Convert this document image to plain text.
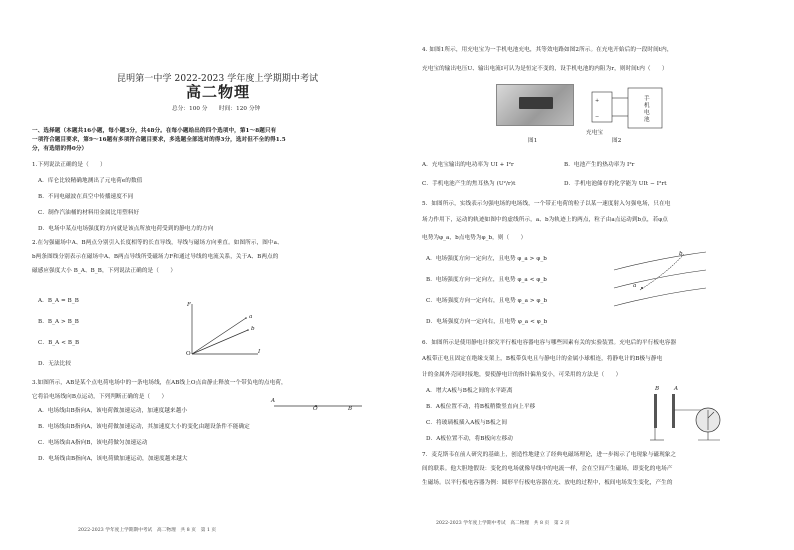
昆明第一中学 2022-2023 学年度上学期期中考试
高二物理
总分：100 分　　时间：120 分钟
一、选择题（本题共16小题，每小题3分，共48分。在每小题给出的四个选项中，第1～8题只有
一项符合题目要求，第9～16题有多项符合题目要求，多选题全部选对的得3分，选对但不全的得1.5
分，有选错的得0分）
1.下列说法正确的是（　　）
A．库仑比较精确地测出了元电荷e的数值
B．不同电磁波在真空中传播速度不同
C．制作汽油桶的材料用金属比用塑料好
D．电场中某点电场强度的方向就是该点所放电荷受到的静电力的方向
2.在匀强磁场中A、B两点分别引入长度相等的长直导线，导线与磁场方向垂直。如图所示，图中a、
b两条图线分别表示在磁场中A、B两点导线所受磁场力F和通过导线的电流关系，关于A、B两点的
磁感应强度大小 B_A、B_B，下列说法正确的是（　　）
A．B_A = B_B
B．B_A > B_B
C．B_A < B_B
D．无法比较
F
a
b
O	I
3.如图所示，AB是某个点电荷电场中的一条电场线，在AB线上O点由静止释放一个带负电的点电荷，
它将沿电场线向B点运动，下列判断正确的是（　　）
A．电场线由B指向A，该电荷做加速运动，加速度越来越小
B．电场线由B指向A，该电荷做加速运动，其加速度大小的变化由题设条件不能确定
C．电场线由A指向B，该电荷做匀加速运动
D．电场线由B指向A，该电荷做加速运动，加速度越来越大
A
O	B
2022-2023 学年度上学期期中考试　高二物理　共 8 页　第 1 页
4. 如图1所示，用充电宝为一手机电池充电，其等效电路如图2所示。在充电开始后的一段时间t内，
充电宝的输出电压U、输出电流I可认为是恒定不变的，设手机电池的内阻为r，则时间t内（　　）
图1
+
−
手机电池
充电宝
图2
A．充电宝输出的电功率为 UI + I²r	B．电池产生的热功率为 I²r
C．手机电池产生的焦耳热为 (U²/r)t	D．手机电池储存的化学能为 UIt − I²rt
5．如图所示，实线表示匀强电场的电场线，一个带正电荷的粒子以某一速度射入匀强电场，只在电
场力作用下，运动的轨迹如图中的虚线所示，a、b为轨迹上的两点，粒子由a点运动到b点，若φ点
电势为φ_a，b点电势为φ_b，则（　　）
A．电场强度方向一定向左，且电势 φ_a > φ_b
B．电场强度方向一定向左，且电势 φ_a < φ_b
C．电场强度方向一定向右，且电势 φ_a > φ_b
D．电场强度方向一定向右，且电势 φ_a < φ_b
a
b
6．如图所示是使用静电计探究平行板电容器电容与哪些因素有关的实验装置。充电后的平行板电容器
A板带正电且固定在绝缘支架上，B板带负电且与静电计的金属小球相连，将静电计的B极与静电
计的金属外壳同时接地，要使静电计的指针偏角变小，可采用的方法是（　　）
A．增大A板与B板之间的水平距离
B．A板位置不动，将B板稍微竖直向上平移
C．将玻璃板插入A板与B板之间
D．A板位置不动，将B板向左移动
B	A
7．麦克斯韦在前人研究的基础上，创造性地建立了经典电磁场理论，进一步揭示了电现象与磁现象之
间的联系。他大胆地假设：变化的电场就像导线中的电流一样，会在空间产生磁场，即变化的电场产
生磁场。以平行板电容器为例：圆形平行板电容器在充、放电的过程中，板间电场发生变化，产生的
2022-2023 学年度上学期中考试　高二物理　共 8 页　第 2 页
